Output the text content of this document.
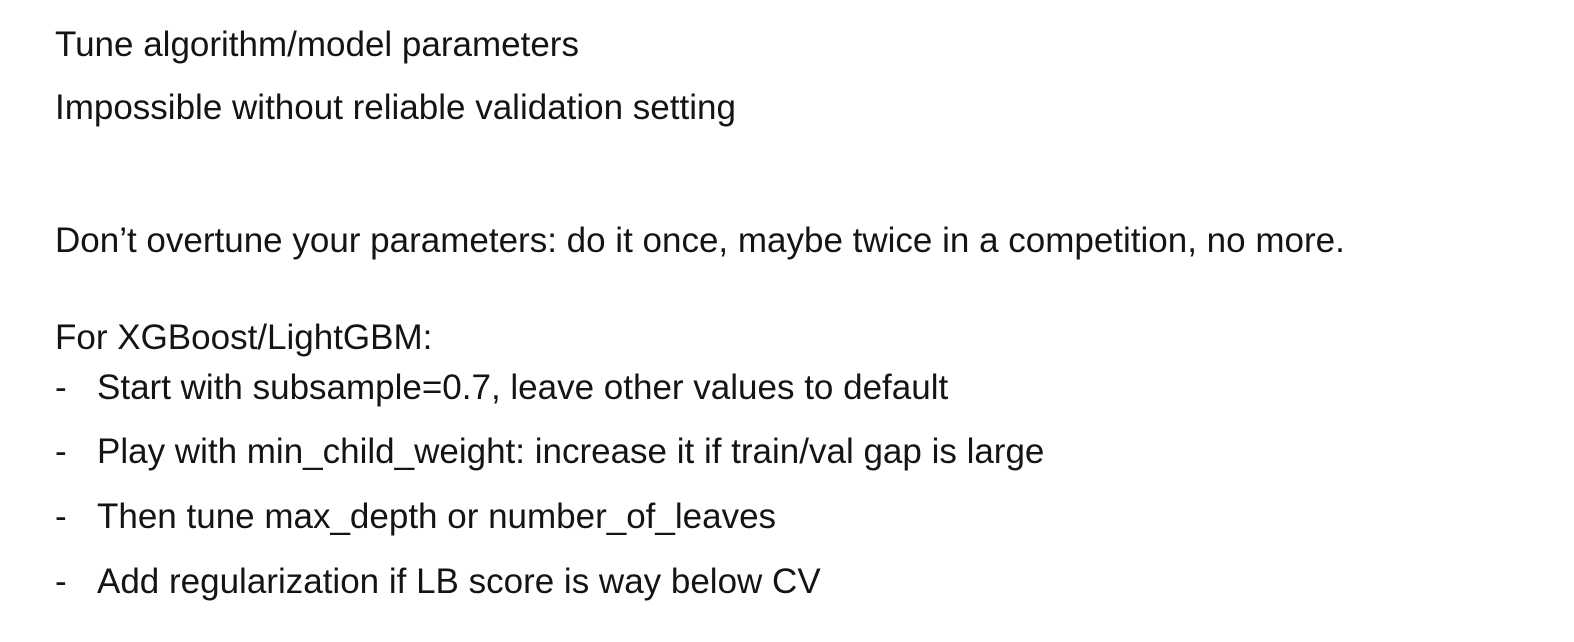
Tune algorithm/model parameters
Impossible without reliable validation setting
Don’t overtune your parameters: do it once, maybe twice in a competition, no more.
For XGBoost/LightGBM:
- Start with subsample=0.7, leave other values to default
- Play with min_child_weight: increase it if train/val gap is large
- Then tune max_depth or number_of_leaves
- Add regularization if LB score is way below CV
